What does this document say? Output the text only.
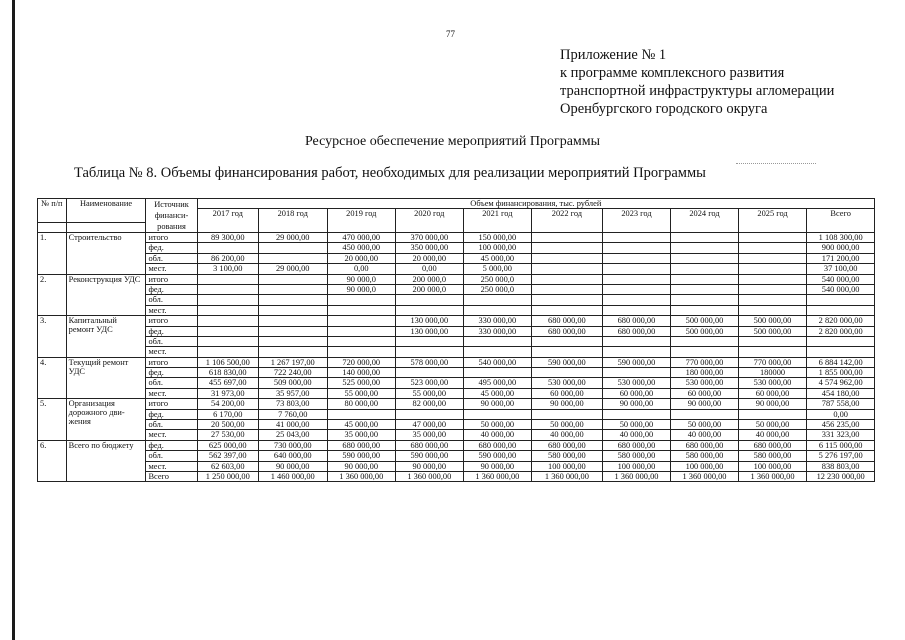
77
Приложение № 1
к программе комплексного развития
транспортной инфраструктуры агломерации
Оренбургского городского округа
Ресурсное обеспечение мероприятий Программы
Таблица № 8. Объемы финансирования работ, необходимых для реализации мероприятий Программы
№ п/п	Наименование	Источник финанси-рования	Объем финансирования, тыс. рублей									
			2017 год	2018 год	2019 год	2020 год	2021 год	2022 год	2023 год	2024 год	2025 год	Всего

1.	Строительство	итого	89 300,00	29 000,00	470 000,00	370 000,00	150 000,00					1 108 300,00
		фед.			450 000,00	350 000,00	100 000,00					900 000,00
		обл.	86 200,00		20 000,00	20 000,00	45 000,00					171 200,00
		мест.	3 100,00	29 000,00	0,00	0,00	5 000,00					37 100,00
2.	Реконструкция УДС	итого			90 000,0	200 000,0	250 000,0					540 000,00
		фед.			90 000,0	200 000,0	250 000,0					540 000,00
		обл.										
		мест.										
3.	Капитальный ремонт УДС	итого				130 000,00	330 000,00	680 000,00	680 000,00	500 000,00	500 000,00	2 820 000,00
		фед.				130 000,00	330 000,00	680 000,00	680 000,00	500 000,00	500 000,00	2 820 000,00
		обл.										
		мест.										
4.	Текущий ремонт УДС	итого	1 106 500,00	1 267 197,00	720 000,00	578 000,00	540 000,00	590 000,00	590 000,00	770 000,00	770 000,00	6 884 142,00
		фед.	618 830,00	722 240,00	140 000,00					180 000,00	180000	1 855 000,00
		обл.	455 697,00	509 000,00	525 000,00	523 000,00	495 000,00	530 000,00	530 000,00	530 000,00	530 000,00	4 574 962,00
		мест.	31 973,00	35 957,00	55 000,00	55 000,00	45 000,00	60 000,00	60 000,00	60 000,00	60 000,00	454 180,00
5.	Организация дорожного дви-жения	итого	54 200,00	73 803,00	80 000,00	82 000,00	90 000,00	90 000,00	90 000,00	90 000,00	90 000,00	787 558,00
		фед.	6 170,00	7 760,00								0,00
		обл.	20 500,00	41 000,00	45 000,00	47 000,00	50 000,00	50 000,00	50 000,00	50 000,00	50 000,00	456 235,00
		мест.	27 530,00	25 043,00	35 000,00	35 000,00	40 000,00	40 000,00	40 000,00	40 000,00	40 000,00	331 323,00
6.	Всего по бюджету	фед.	625 000,00	730 000,00	680 000,00	680 000,00	680 000,00	680 000,00	680 000,00	680 000,00	680 000,00	6 115 000,00
		обл.	562 397,00	640 000,00	590 000,00	590 000,00	590 000,00	580 000,00	580 000,00	580 000,00	580 000,00	5 276 197,00
		мест.	62 603,00	90 000,00	90 000,00	90 000,00	90 000,00	100 000,00	100 000,00	100 000,00	100 000,00	838 803,00
		Всего	1 250 000,00	1 460 000,00	1 360 000,00	1 360 000,00	1 360 000,00	1 360 000,00	1 360 000,00	1 360 000,00	1 360 000,00	12 230 000,00
